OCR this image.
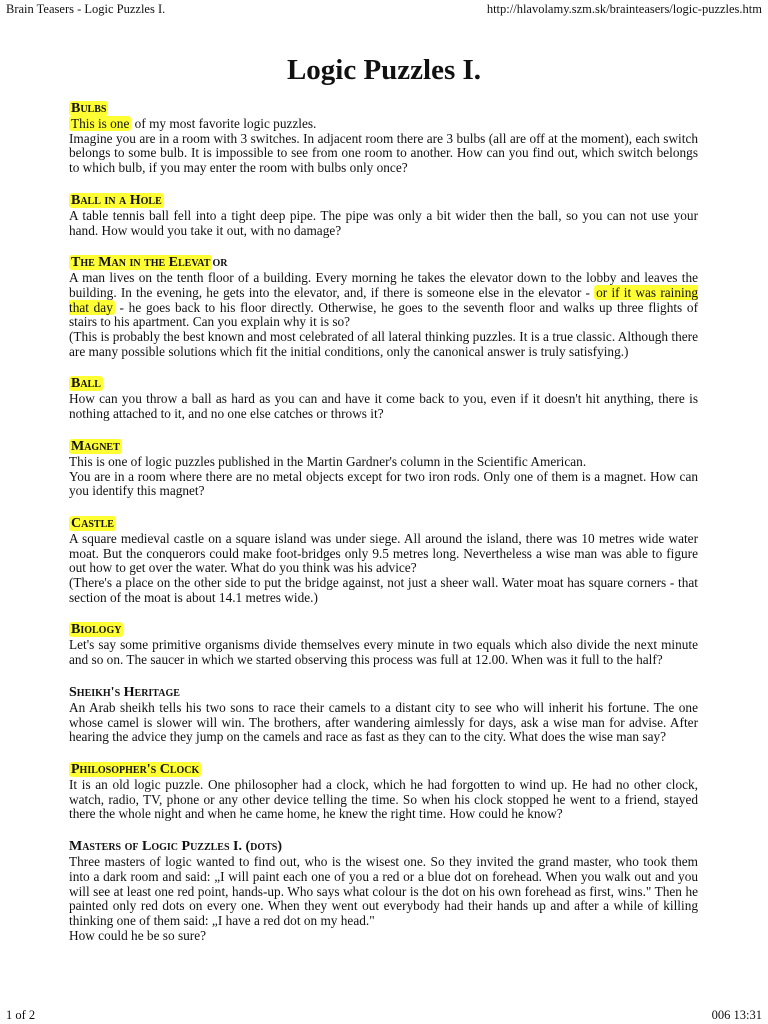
Brain Teasers - Logic Puzzles I.	http://hlavolamy.szm.sk/brainteasers/logic-puzzles.htm
Logic Puzzles I.
Bulbs

This is one of my most favorite logic puzzles.

Imagine you are in a room with 3 switches. In adjacent room there are 3 bulbs (all are off at the moment), each switch belongs to some bulb. It is impossible to see from one room to another. How can you find out, which switch belongs to which bulb, if you may enter the room with bulbs only once?

Ball in a Hole

A table tennis ball fell into a tight deep pipe. The pipe was only a bit wider then the ball, so you can not use your hand. How would you take it out, with no damage?

The Man in the Elevat or

A man lives on the tenth floor of a building. Every morning he takes the elevator down to the lobby and leaves the building. In the evening, he gets into the elevator, and, if there is someone else in the elevator - or if it was raining that day - he goes back to his floor directly. Otherwise, he goes to the seventh floor and walks up three flights of stairs to his apartment. Can you explain why it is so?

(This is probably the best known and most celebrated of all lateral thinking puzzles. It is a true classic. Although there are many possible solutions which fit the initial conditions, only the canonical answer is truly satisfying.)

Ball

How can you throw a ball as hard as you can and have it come back to you, even if it doesn't hit anything, there is nothing attached to it, and no one else catches or throws it?

Magnet

This is one of logic puzzles published in the Martin Gardner's column in the Scientific American.

You are in a room where there are no metal objects except for two iron rods. Only one of them is a magnet. How can you identify this magnet?

Castle

A square medieval castle on a square island was under siege. All around the island, there was 10 metres wide water moat. But the conquerors could make foot-bridges only 9.5 metres long. Nevertheless a wise man was able to figure out how to get over the water. What do you think was his advice?

(There's a place on the other side to put the bridge against, not just a sheer wall. Water moat has square corners - that section of the moat is about 14.1 metres wide.)

Biology

Let's say some primitive organisms divide themselves every minute in two equals which also divide the next minute and so on. The saucer in which we started observing this process was full at 12.00. When was it full to the half?

Sheikh's Heritage

An Arab sheikh tells his two sons to race their camels to a distant city to see who will inherit his fortune. The one whose camel is slower will win. The brothers, after wandering aimlessly for days, ask a wise man for advise. After hearing the advice they jump on the camels and race as fast as they can to the city. What does the wise man say?

Philosopher's Clock

It is an old logic puzzle. One philosopher had a clock, which he had forgotten to wind up. He had no other clock, watch, radio, TV, phone or any other device telling the time. So when his clock stopped he went to a friend, stayed there the whole night and when he came home, he knew the right time. How could he know?

Masters of Logic Puzzles I. (dots)

Three masters of logic wanted to find out, who is the wisest one. So they invited the grand master, who took them into a dark room and said: „I will paint each one of you a red or a blue dot on forehead. When you walk out and you will see at least one red point, hands-up. Who says what colour is the dot on his own forehead as first, wins." Then he painted only red dots on every one. When they went out everybody had their hands up and after a while of killing thinking one of them said: „I have a red dot on my head."

How could he be so sure?

1 of 2	006 13:31
